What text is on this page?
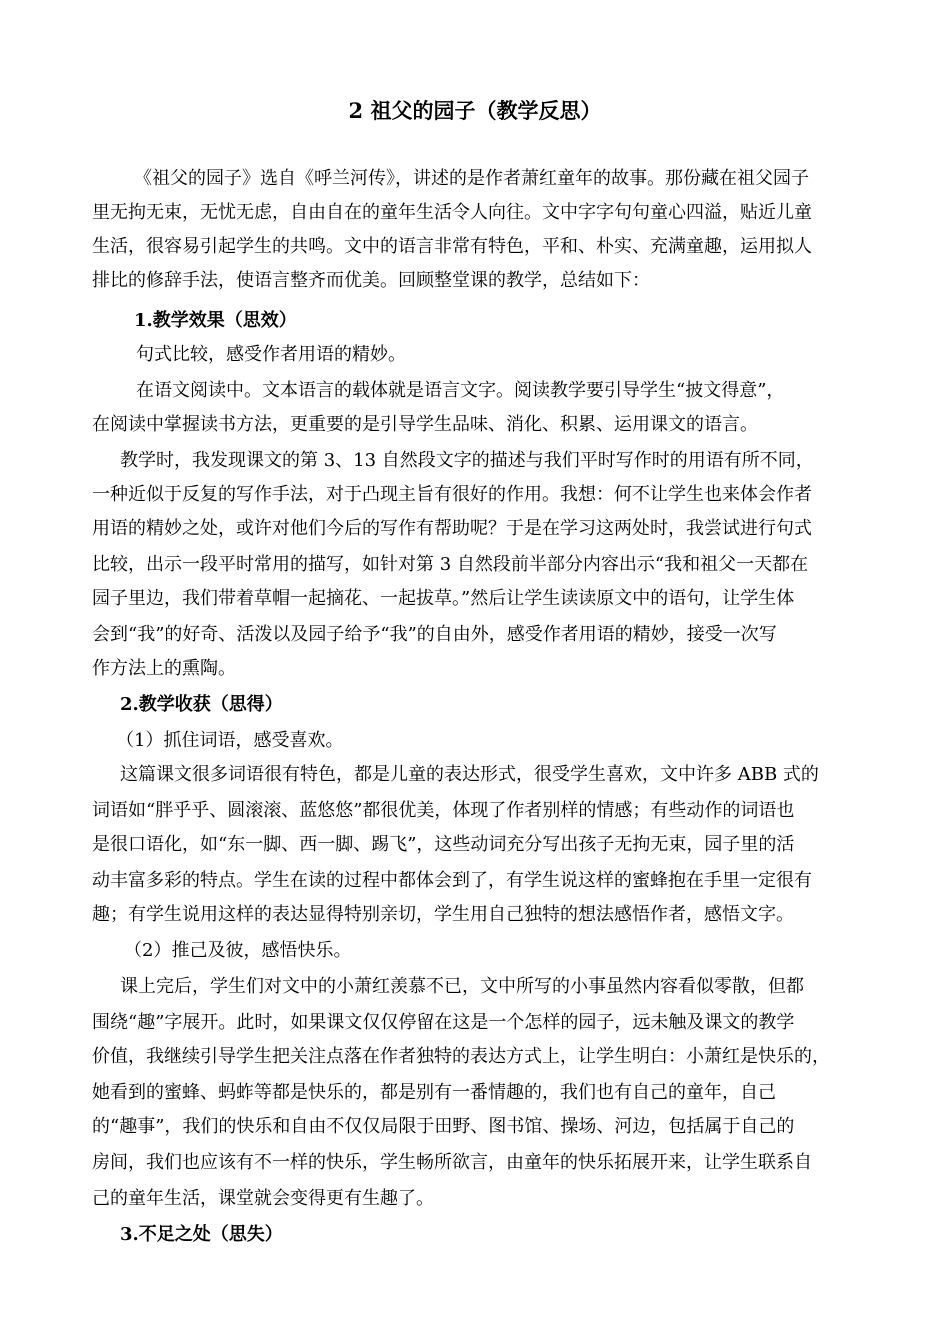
2 祖父的园子（教学反思）
《祖父的园子》选自《呼兰河传》，讲述的是作者萧红童年的故事。那份藏在祖父园子
里无拘无束，无忧无虑，自由自在的童年生活令人向往。文中字字句句童心四溢，贴近儿童
生活，很容易引起学生的共鸣。文中的语言非常有特色，平和、朴实、充满童趣，运用拟人
排比的修辞手法，使语言整齐而优美。回顾整堂课的教学，总结如下：
1.教学效果（思效）
句式比较，感受作者用语的精妙。
在语文阅读中。文本语言的载体就是语言文字。阅读教学要引导学生“披文得意”，
在阅读中掌握读书方法，更重要的是引导学生品味、消化、积累、运用课文的语言。
教学时，我发现课文的第 3、13 自然段文字的描述与我们平时写作时的用语有所不同，
一种近似于反复的写作手法，对于凸现主旨有很好的作用。我想：何不让学生也来体会作者
用语的精妙之处，或许对他们今后的写作有帮助呢？于是在学习这两处时，我尝试进行句式
比较，出示一段平时常用的描写，如针对第 3 自然段前半部分内容出示“我和祖父一天都在
园子里边，我们带着草帽一起摘花、一起拔草。”然后让学生读读原文中的语句，让学生体
会到“我”的好奇、活泼以及园子给予“我”的自由外，感受作者用语的精妙，接受一次写
作方法上的熏陶。
2.教学收获（思得）
（1）抓住词语，感受喜欢。
这篇课文很多词语很有特色，都是儿童的表达形式，很受学生喜欢，文中许多 ABB 式的
词语如“胖乎乎、圆滚滚、蓝悠悠”都很优美，体现了作者别样的情感；有些动作的词语也
是很口语化，如“东一脚、西一脚、踢飞”，这些动词充分写出孩子无拘无束，园子里的活
动丰富多彩的特点。学生在读的过程中都体会到了，有学生说这样的蜜蜂抱在手里一定很有
趣；有学生说用这样的表达显得特别亲切，学生用自己独特的想法感悟作者，感悟文字。
（2）推己及彼，感悟快乐。
课上完后，学生们对文中的小萧红羡慕不已，文中所写的小事虽然内容看似零散，但都
围绕“趣”字展开。此时，如果课文仅仅停留在这是一个怎样的园子，远未触及课文的教学
价值，我继续引导学生把关注点落在作者独特的表达方式上，让学生明白：小萧红是快乐的，
她看到的蜜蜂、蚂蚱等都是快乐的，都是别有一番情趣的，我们也有自己的童年，自己
的“趣事”，我们的快乐和自由不仅仅局限于田野、图书馆、操场、河边，包括属于自己的
房间，我们也应该有不一样的快乐，学生畅所欲言，由童年的快乐拓展开来，让学生联系自
己的童年生活，课堂就会变得更有生趣了。
3.不足之处（思失）
